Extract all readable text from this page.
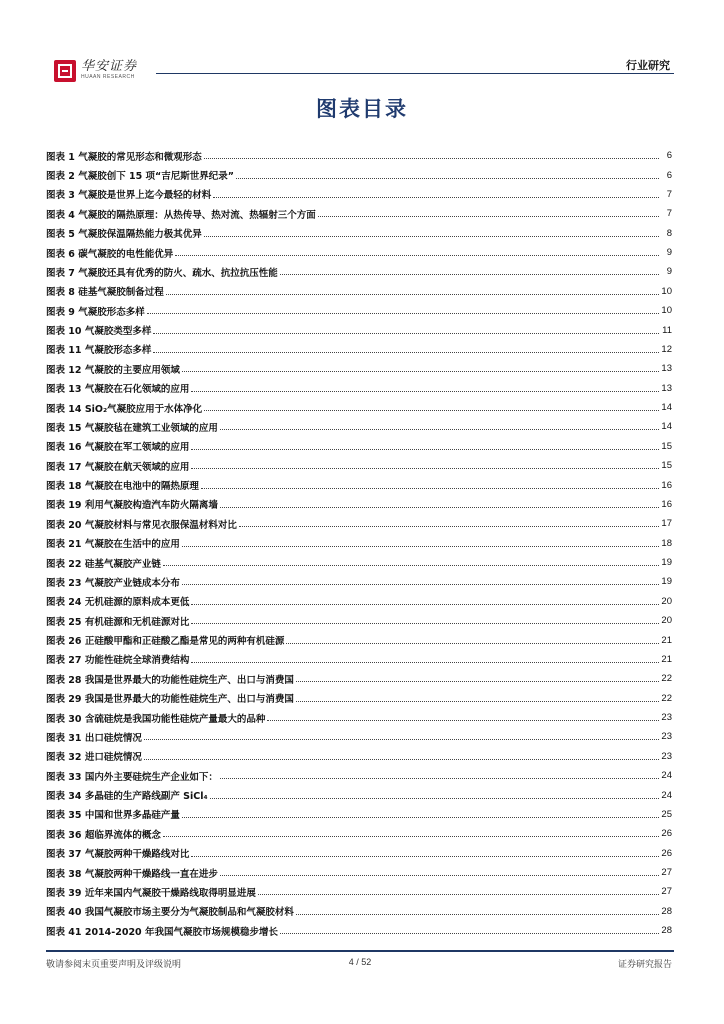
华安证券
HUAAN RESEARCH
行业研究
图表目录
图表 1 气凝胶的常见形态和微观形态	6
图表 2 气凝胶创下 15 项“吉尼斯世界纪录”	6
图表 3 气凝胶是世界上迄今最轻的材料	7
图表 4 气凝胶的隔热原理：从热传导、热对流、热辐射三个方面	7
图表 5 气凝胶保温隔热能力极其优异	8
图表 6 碳气凝胶的电性能优异	9
图表 7 气凝胶还具有优秀的防火、疏水、抗拉抗压性能	9
图表 8 硅基气凝胶制备过程	10
图表 9 气凝胶形态多样	10
图表 10 气凝胶类型多样	11
图表 11 气凝胶形态多样	12
图表 12 气凝胶的主要应用领域	13
图表 13 气凝胶在石化领域的应用	13
图表 14 SiO₂气凝胶应用于水体净化	14
图表 15 气凝胶毡在建筑工业领域的应用	14
图表 16 气凝胶在军工领域的应用	15
图表 17 气凝胶在航天领域的应用	15
图表 18 气凝胶在电池中的隔热原理	16
图表 19 利用气凝胶构造汽车防火隔离墙	16
图表 20 气凝胶材料与常见衣服保温材料对比	17
图表 21 气凝胶在生活中的应用	18
图表 22 硅基气凝胶产业链	19
图表 23 气凝胶产业链成本分布	19
图表 24 无机硅源的原料成本更低	20
图表 25 有机硅源和无机硅源对比	20
图表 26 正硅酸甲酯和正硅酸乙酯是常见的两种有机硅源	21
图表 27 功能性硅烷全球消费结构	21
图表 28 我国是世界最大的功能性硅烷生产、出口与消费国	22
图表 29 我国是世界最大的功能性硅烷生产、出口与消费国	22
图表 30 含硫硅烷是我国功能性硅烷产量最大的品种	23
图表 31 出口硅烷情况	23
图表 32 进口硅烷情况	23
图表 33 国内外主要硅烷生产企业如下：	24
图表 34 多晶硅的生产路线副产 SiCl₄	24
图表 35 中国和世界多晶硅产量	25
图表 36 超临界流体的概念	26
图表 37 气凝胶两种干燥路线对比	26
图表 38 气凝胶两种干燥路线一直在进步	27
图表 39 近年来国内气凝胶干燥路线取得明显进展	27
图表 40 我国气凝胶市场主要分为气凝胶制品和气凝胶材料	28
图表 41 2014-2020 年我国气凝胶市场规模稳步增长	28
敬请参阅末页重要声明及评级说明	4 / 52	证券研究报告
